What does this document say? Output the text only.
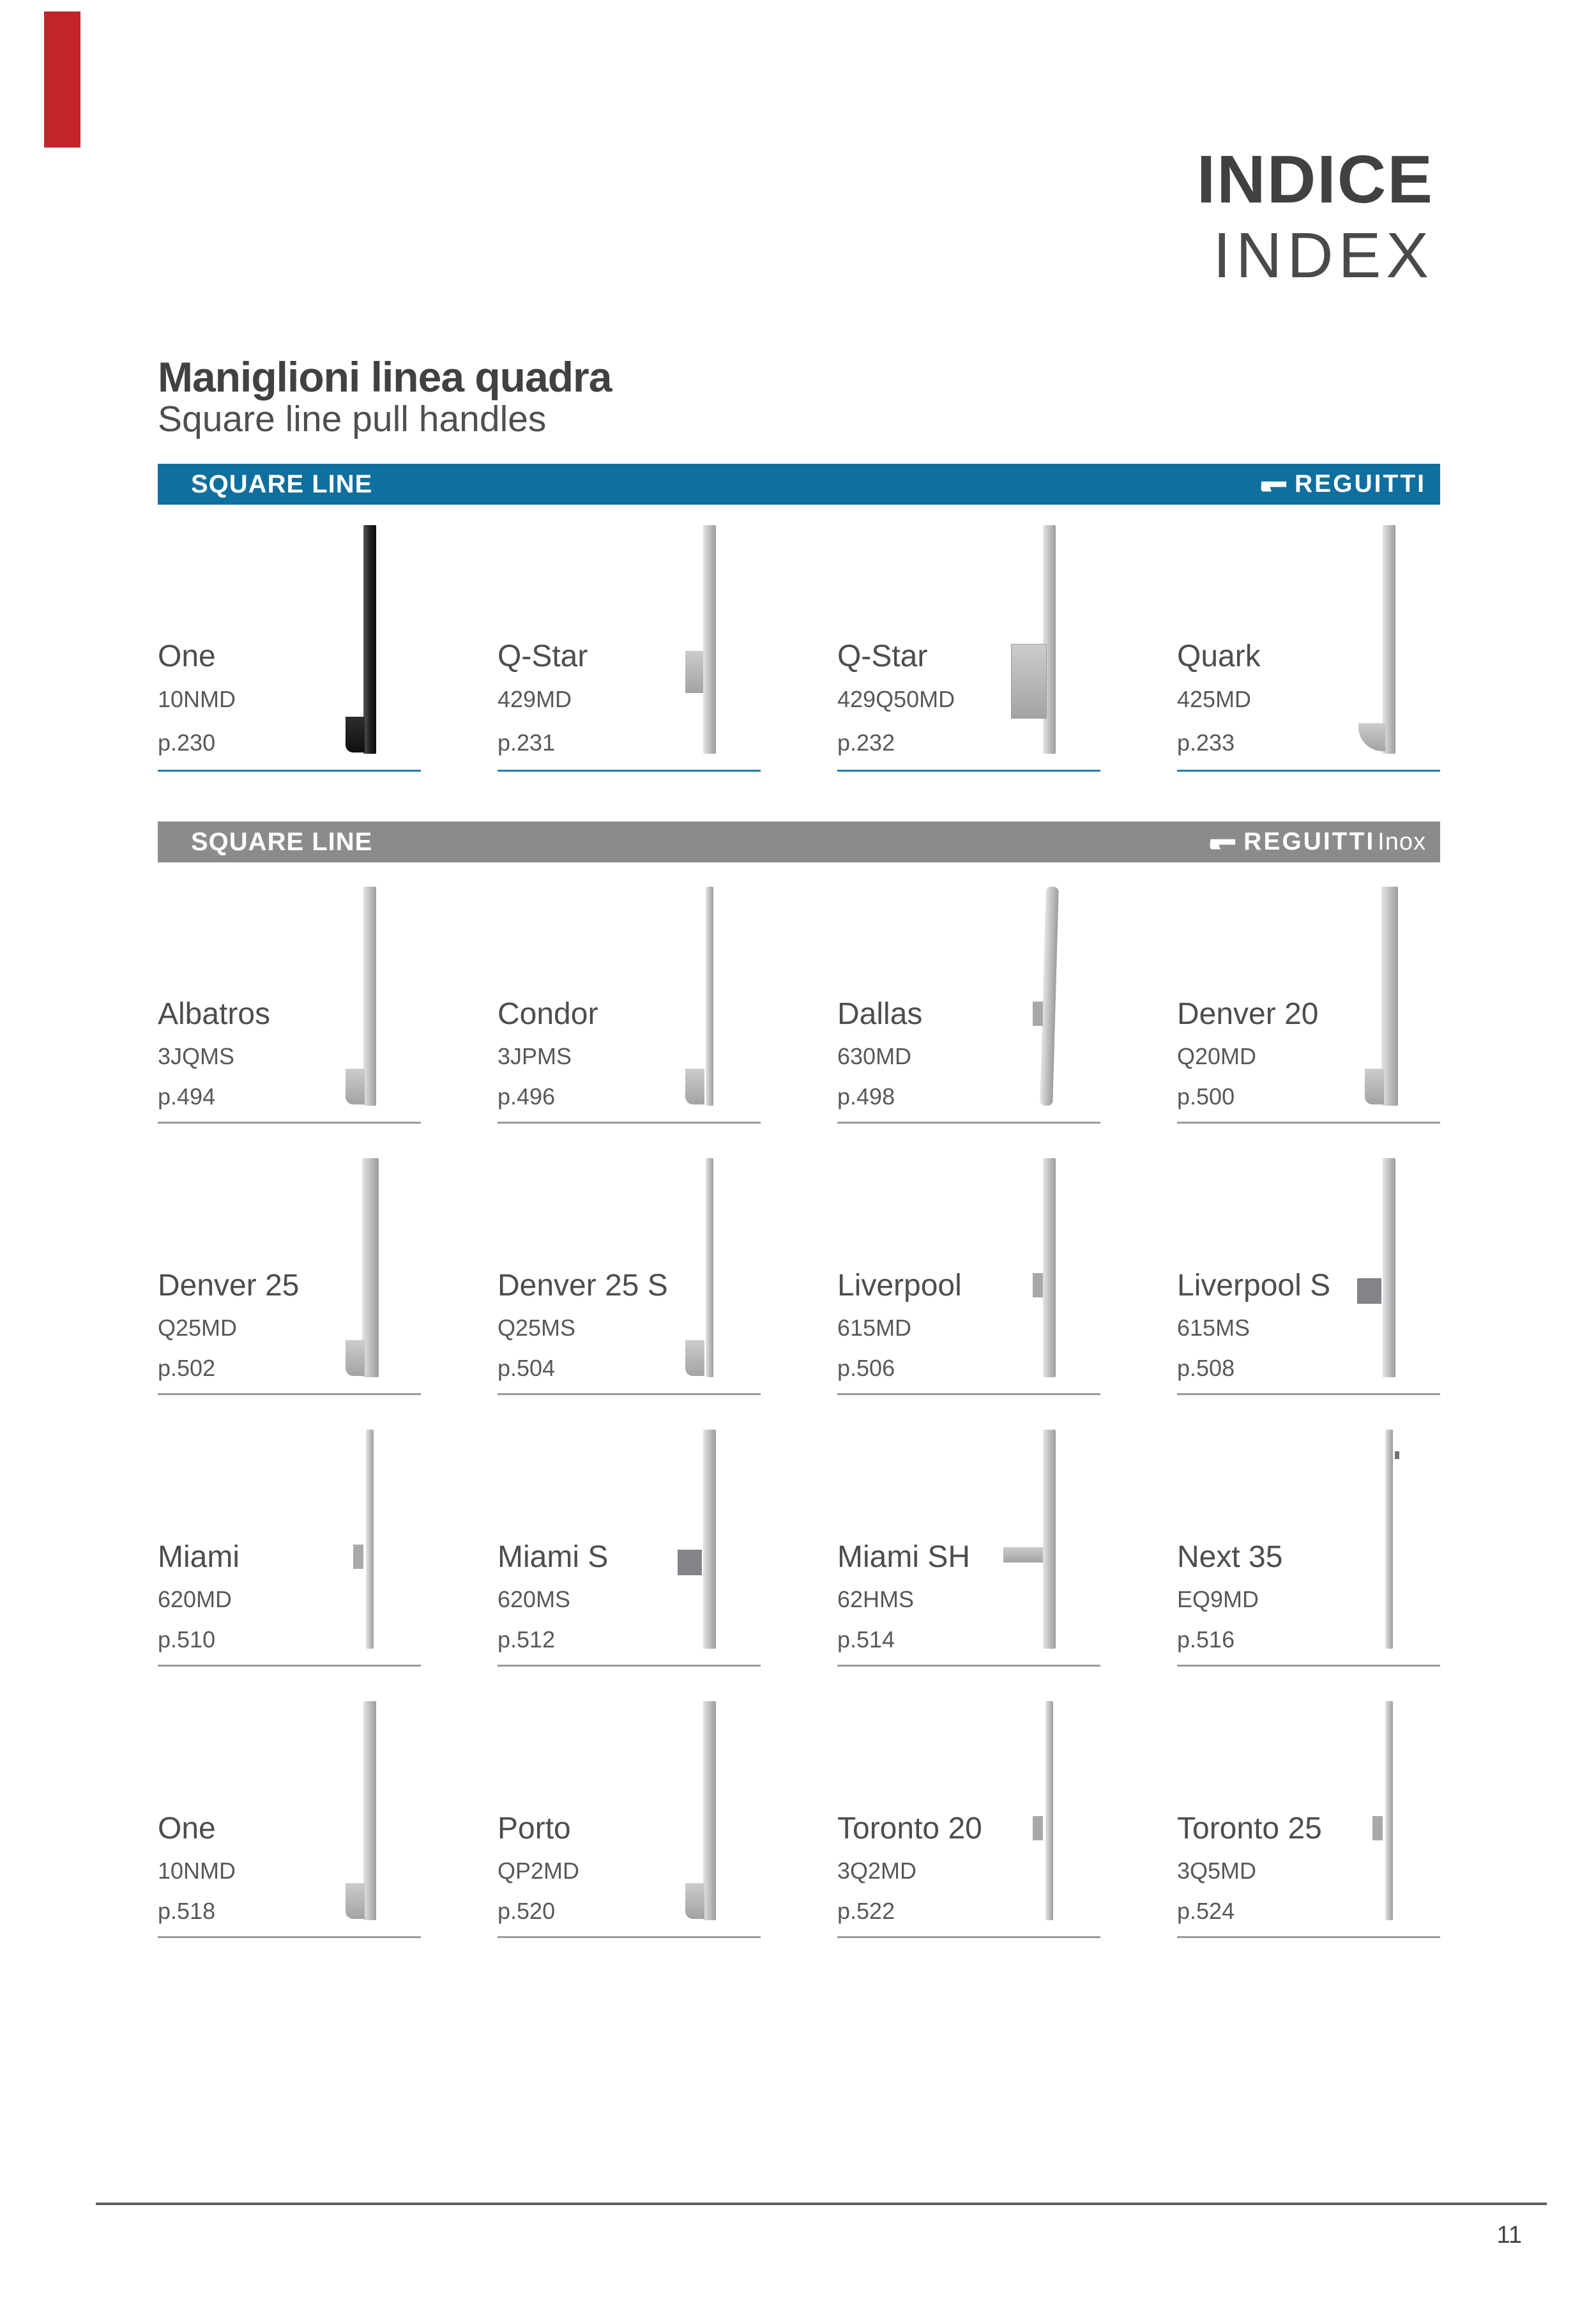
INDICE
INDEX
Maniglioni linea quadra
Square line pull handles
SQUARE LINE	REGUITTI
One
10NMD
p.230
Q-Star
429MD
p.231
Q-Star
429Q50MD
p.232
Quark
425MD
p.233
SQUARE LINE	REGUITTI Inox
Albatros
3JQMS
p.494
Condor
3JPMS
p.496
Dallas
630MD
p.498
Denver 20
Q20MD
p.500
Denver 25
Q25MD
p.502
Denver 25 S
Q25MS
p.504
Liverpool
615MD
p.506
Liverpool S
615MS
p.508
Miami
620MD
p.510
Miami S
620MS
p.512
Miami SH
62HMS
p.514
Next 35
EQ9MD
p.516
One
10NMD
p.518
Porto
QP2MD
p.520
Toronto 20
3Q2MD
p.522
Toronto 25
3Q5MD
p.524
11
